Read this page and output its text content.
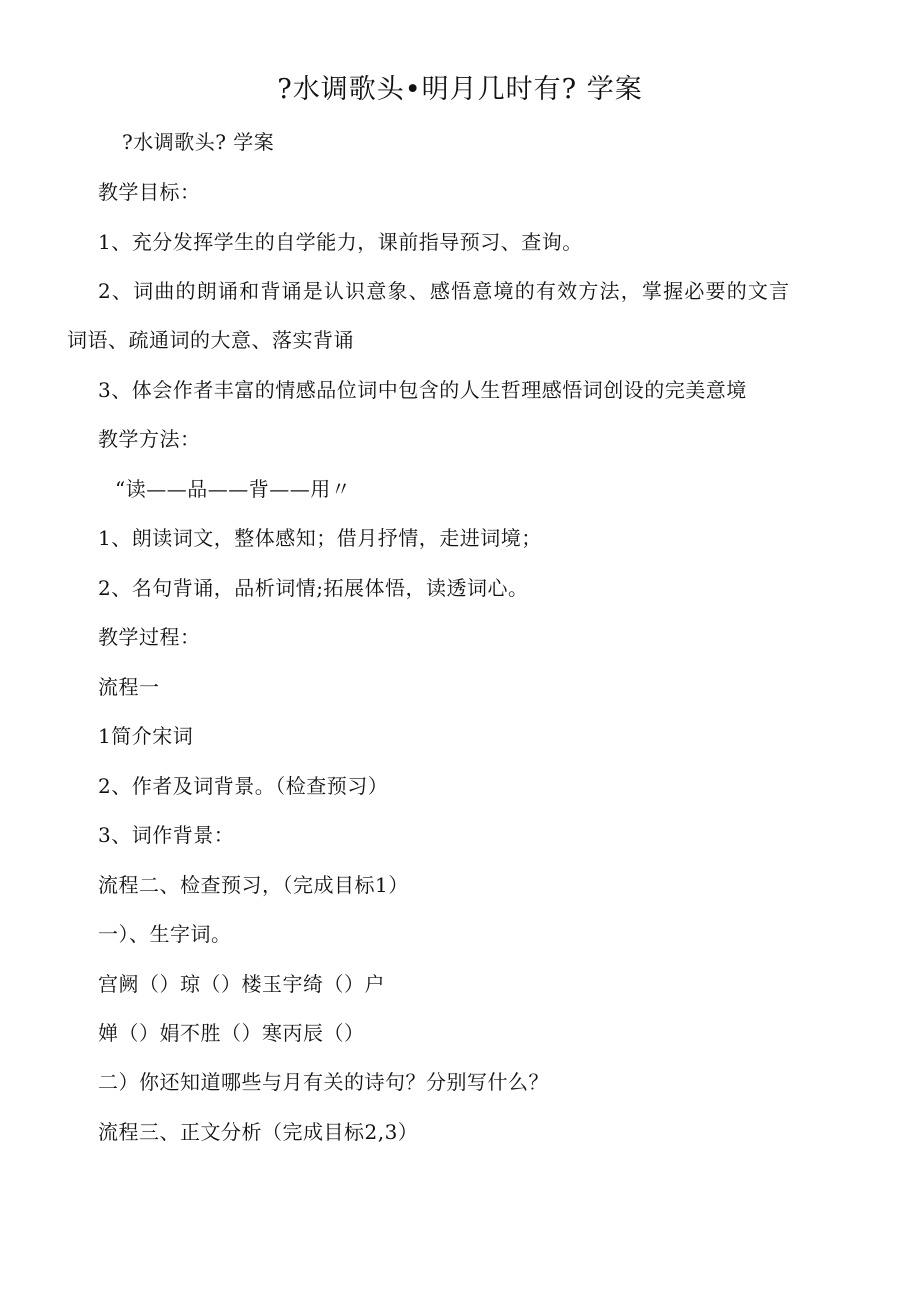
?水调歌头•明月几时有? 学案
?水调歌头? 学案
教学目标：
1、充分发挥学生的自学能力，课前指导预习、查询。
2、词曲的朗诵和背诵是认识意象、感悟意境的有效方法，掌握必要的文言
词语、疏通词的大意、落实背诵
3、体会作者丰富的情感品位词中包含的人生哲理感悟词创设的完美意境
教学方法：
“读——品——背——用〃
1、朗读词文，整体感知；借月抒情，走进词境；
2、名句背诵，品析词情;拓展体悟，读透词心。
教学过程：
流程一
1简介宋词
2、作者及词背景。（检查预习）
3、词作背景：
流程二、检查预习，（完成目标1）
一）、生字词。
宫阙（）琼（）楼玉宇绮（）户
婵（）娟不胜（）寒丙辰（）
二）你还知道哪些与月有关的诗句？分别写什么？
流程三、正文分析（完成目标2,3）
